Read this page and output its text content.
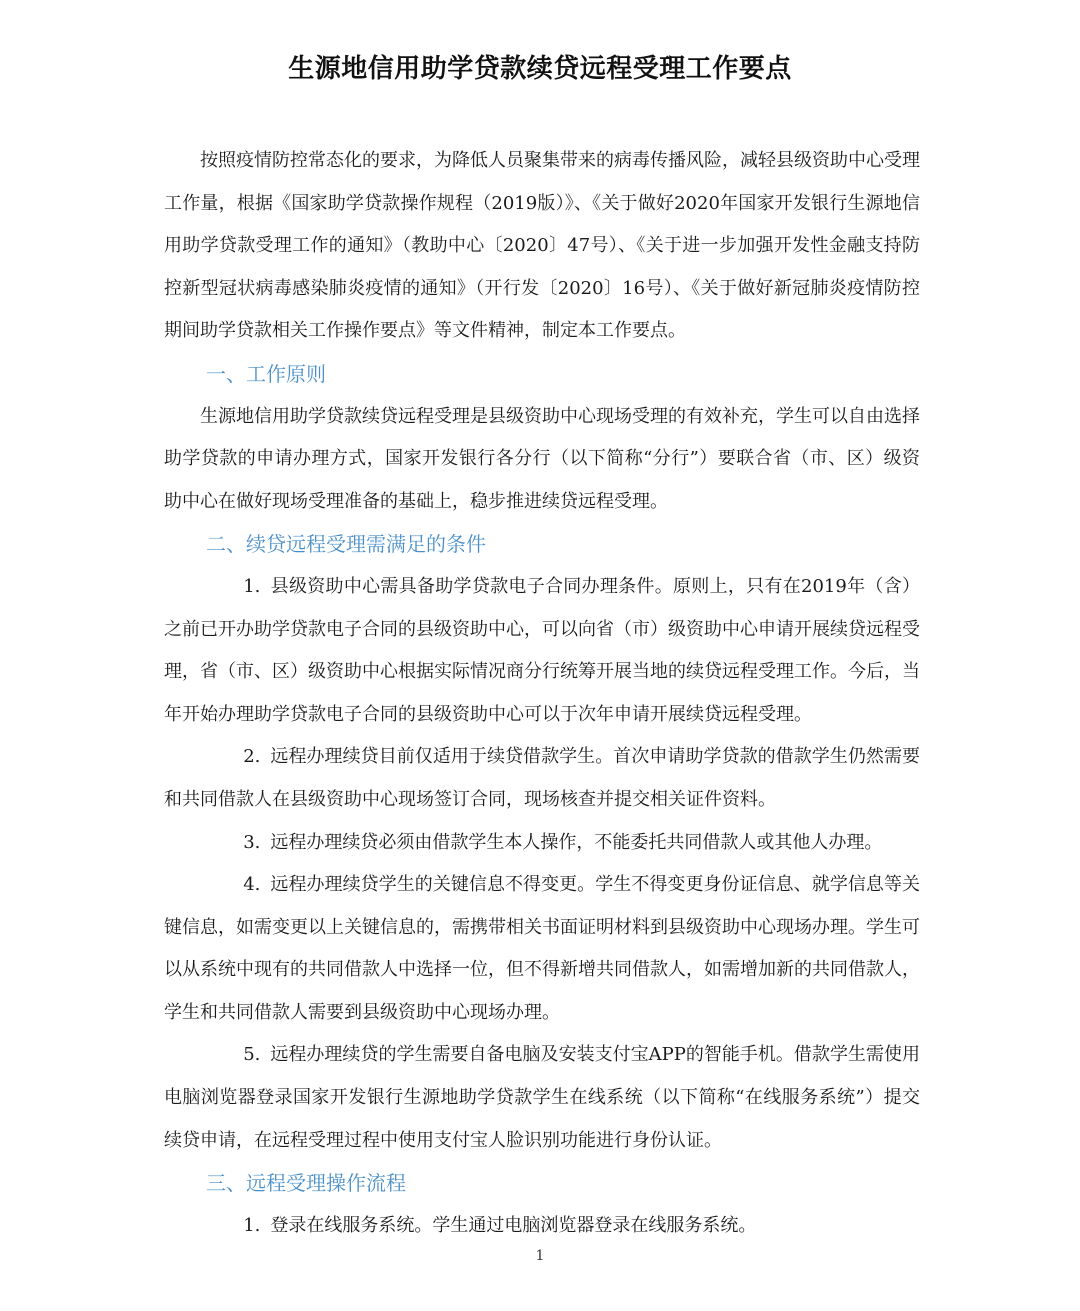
生源地信用助学贷款续贷远程受理工作要点

按照疫情防控常态化的要求，为降低人员聚集带来的病毒传播风险，减轻县级资助中心受理工作量，根据《国家助学贷款操作规程（2019版）》、《关于做好2020年国家开发银行生源地信用助学贷款受理工作的通知》（教助中心〔2020〕47号）、《关于进一步加强开发性金融支持防控新型冠状病毒感染肺炎疫情的通知》（开行发〔2020〕16号）、《关于做好新冠肺炎疫情防控期间助学贷款相关工作操作要点》等文件精神，制定本工作要点。

一、工作原则

生源地信用助学贷款续贷远程受理是县级资助中心现场受理的有效补充，学生可以自由选择助学贷款的申请办理方式，国家开发银行各分行（以下简称“分行”）要联合省（市、区）级资助中心在做好现场受理准备的基础上，稳步推进续贷远程受理。

二、续贷远程受理需满足的条件

1. 县级资助中心需具备助学贷款电子合同办理条件。原则上，只有在2019年（含）之前已开办助学贷款电子合同的县级资助中心，可以向省（市）级资助中心申请开展续贷远程受理，省（市、区）级资助中心根据实际情况商分行统筹开展当地的续贷远程受理工作。今后，当年开始办理助学贷款电子合同的县级资助中心可以于次年申请开展续贷远程受理。

2. 远程办理续贷目前仅适用于续贷借款学生。首次申请助学贷款的借款学生仍然需要和共同借款人在县级资助中心现场签订合同，现场核查并提交相关证件资料。

3. 远程办理续贷必须由借款学生本人操作，不能委托共同借款人或其他人办理。

4. 远程办理续贷学生的关键信息不得变更。学生不得变更身份证信息、就学信息等关键信息，如需变更以上关键信息的，需携带相关书面证明材料到县级资助中心现场办理。学生可以从系统中现有的共同借款人中选择一位，但不得新增共同借款人，如需增加新的共同借款人，学生和共同借款人需要到县级资助中心现场办理。

5. 远程办理续贷的学生需要自备电脑及安装支付宝APP的智能手机。借款学生需使用电脑浏览器登录国家开发银行生源地助学贷款学生在线系统（以下简称“在线服务系统”）提交续贷申请，在远程受理过程中使用支付宝人脸识别功能进行身份认证。

三、远程受理操作流程

1. 登录在线服务系统。学生通过电脑浏览器登录在线服务系统。

1
